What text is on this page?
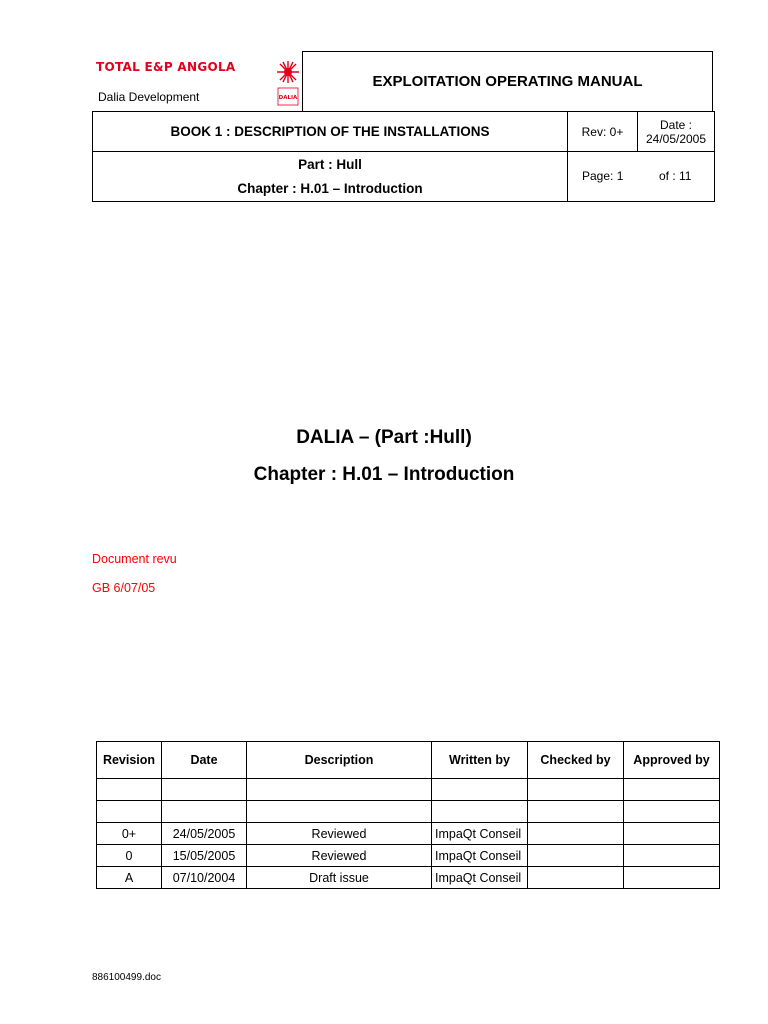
TOTAL E&P ANGOLA
Dalia Development	DALIA
EXPLOITATION OPERATING MANUAL
BOOK 1 : DESCRIPTION OF THE INSTALLATIONS	Rev: 0+	Date :
24/05/2005
Part : Hull
Chapter : H.01 – Introduction
Page: 1	of : 11
DALIA – (Part :Hull)
Chapter : H.01 – Introduction
Document revu
GB 6/07/05
Revision	Date	Description	Written by	Checked by	Approved by

0+	24/05/2005	Reviewed	ImpaQt Conseil		
0	15/05/2005	Reviewed	ImpaQt Conseil		
A	07/10/2004	Draft issue	ImpaQt Conseil		
886100499.doc
